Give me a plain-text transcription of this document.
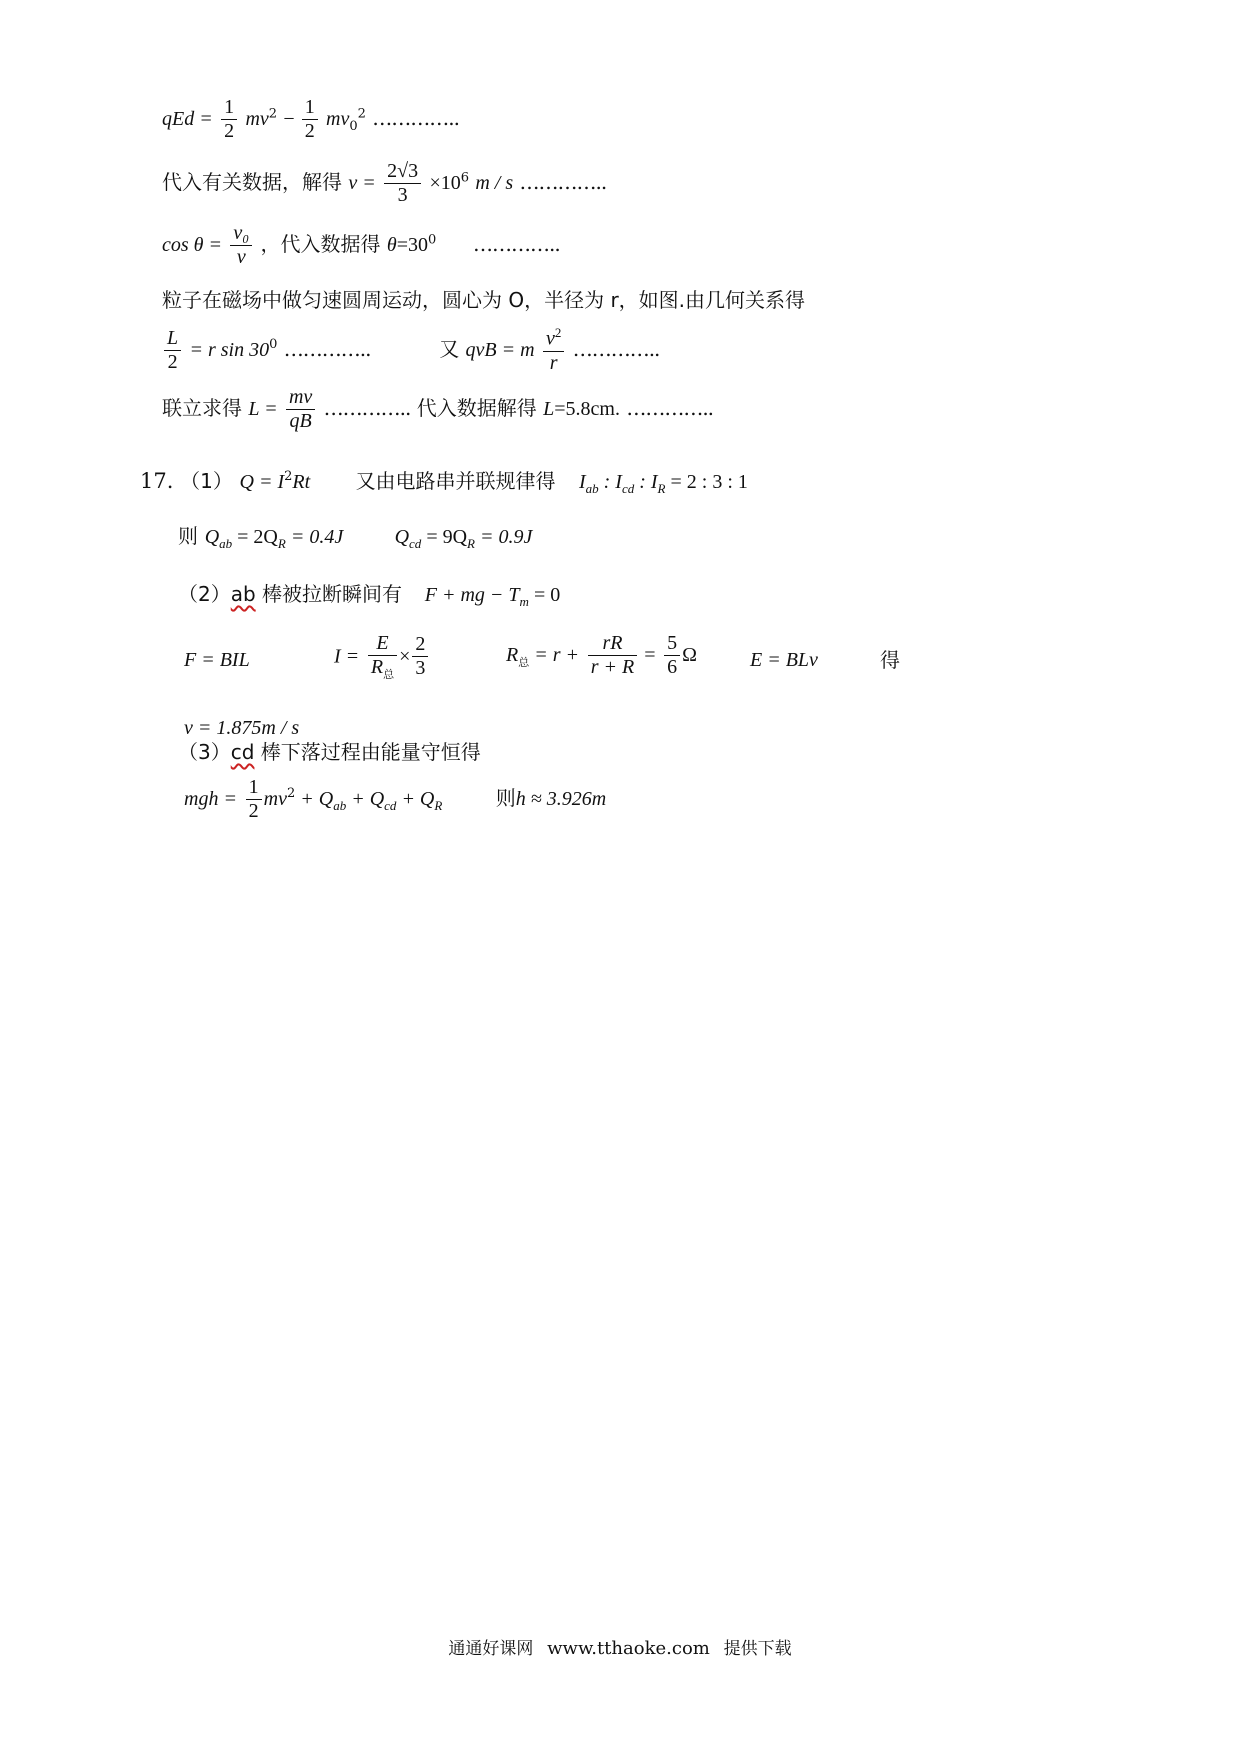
qEd = $\frac{1}{2} mv^2 - \frac{1}{2} mv_0^2$ …………..
代入有关数据，解得 $v = \frac{2√3}{3} \times 10^6$ m / s …………..
$\cos \theta = \frac{\text{v₀}}{v}$ ，代入数据得 $\theta=30^0$ …………..
粒子在磁场中做匀速圆周运动，圆心为 O，半径为 r，如图.由几何关系得
$\frac{L}{2} = r$ $\sin 30^0$ …………..	又 qvB = m $\frac{v^2}{r}$ …………..
联立求得 $L = \frac{mv}{qB}$ ………….. 代入数据解得 L=5.8cm. …………..
17. （1） $Q = I^2Rt$ 又由电路串并联规律得 $I_{ab}$ : $I_{cd}$ : $I_R = 2$ : 3 : 1
则 $Q_{ab} = 2Q_R = 0.4J$	$Q_{cd} = 9Q_R = 0.9J$
（2）ab 棒被拉断瞬间有 F + mg − $T_m = 0$
F = BIL	$I = \frac{E}{R_总} \times \frac{2}{3}$	$R_总 = r + \frac{rR}{r + R} = \frac{5}{6}$ Ω	E = BLv	得
v = 1.875m / s
（3）cd 棒下落过程由能量守恒得
mgh = $\frac{1}{2} mv^2 + Q_{ab} + Q_{cd} + Q_R$	则h ≈ 3.926m
通通好课网 www.tthaoke.com 提供下载
